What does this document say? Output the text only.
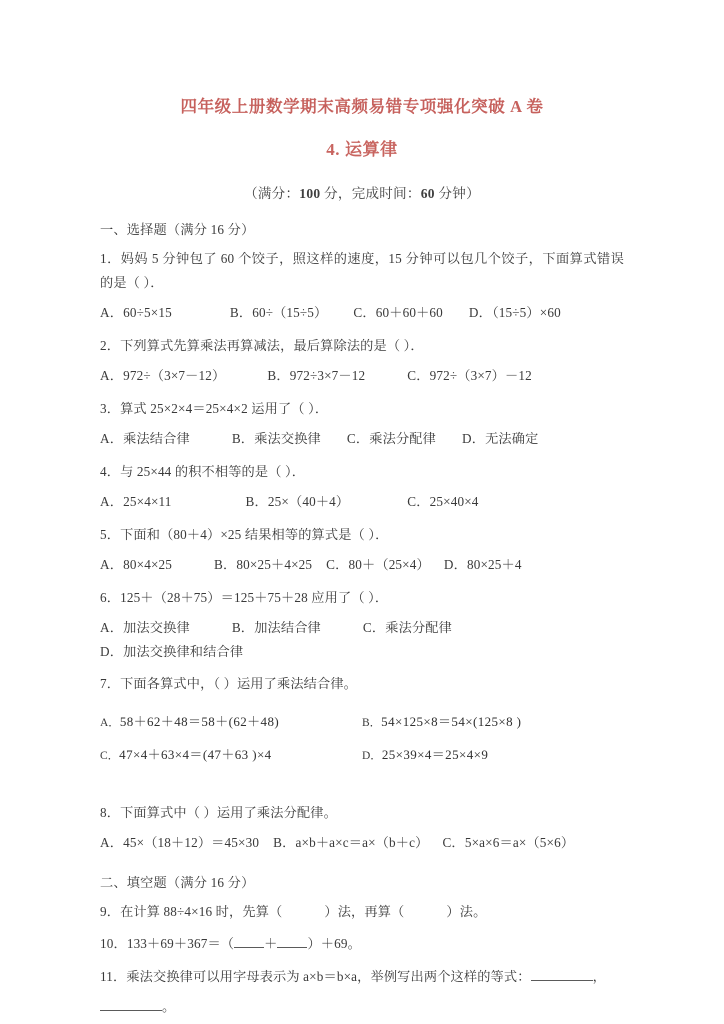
四年级上册数学期末高频易错专项强化突破 A 卷
4. 运算律

（满分：100 分，完成时间：60 分钟）

一、选择题（满分 16 分）

1．妈妈 5 分钟包了 60 个饺子，照这样的速度，15 分钟可以包几个饺子，下面算式错误的是（ ）．

A．60÷5×15	B．60÷（15÷5） C．60＋60＋60 D．（15÷5）×60

2．下列算式先算乘法再算减法，最后算除法的是（ ）．

A．972÷（3×7－12）	B．972÷3×7－12	C．972÷（3×7）－12

3．算式 25×2×4＝25×4×2 运用了（ ）．

A．乘法结合律	B．乘法交换律 C．乘法分配律 D．无法确定

4．与 25×44 的积不相等的是（ ）．

A．25×4×11	B．25×（40＋4）	C．25×40×4

5．下面和（80＋4）×25 结果相等的算式是（ ）．

A．80×4×25	B．80×25＋4×25 C．80＋（25×4） D．80×25＋4

6．125＋（28＋75）＝125＋75＋28 应用了（ ）．

A．加法交换律	B．加法结合律	C．乘法分配律D．加法交换律和结合律

7．下面各算式中，（ ）运用了乘法结合律。

A．58＋62＋48＝58＋(62＋48)	B．54×125×8＝54×(125×8 )
C．47×4＋63×4＝(47＋63 )×4	D．25×39×4＝25×4×9

8．下面算式中（ ）运用了乘法分配律。

A．45×（18＋12）＝45×30 B．a×b＋a×c＝a×（b＋c） C．5×a×6＝a×（5×6）

二、填空题（满分 16 分）

9．在计算 88÷4×16 时，先算（	）法，再算（	）法。

10．133＋69＋367＝（ ＋ ）＋69。

11．乘法交换律可以用字母表示为 a×b＝b×a，举例写出两个这样的等式：	，

。
